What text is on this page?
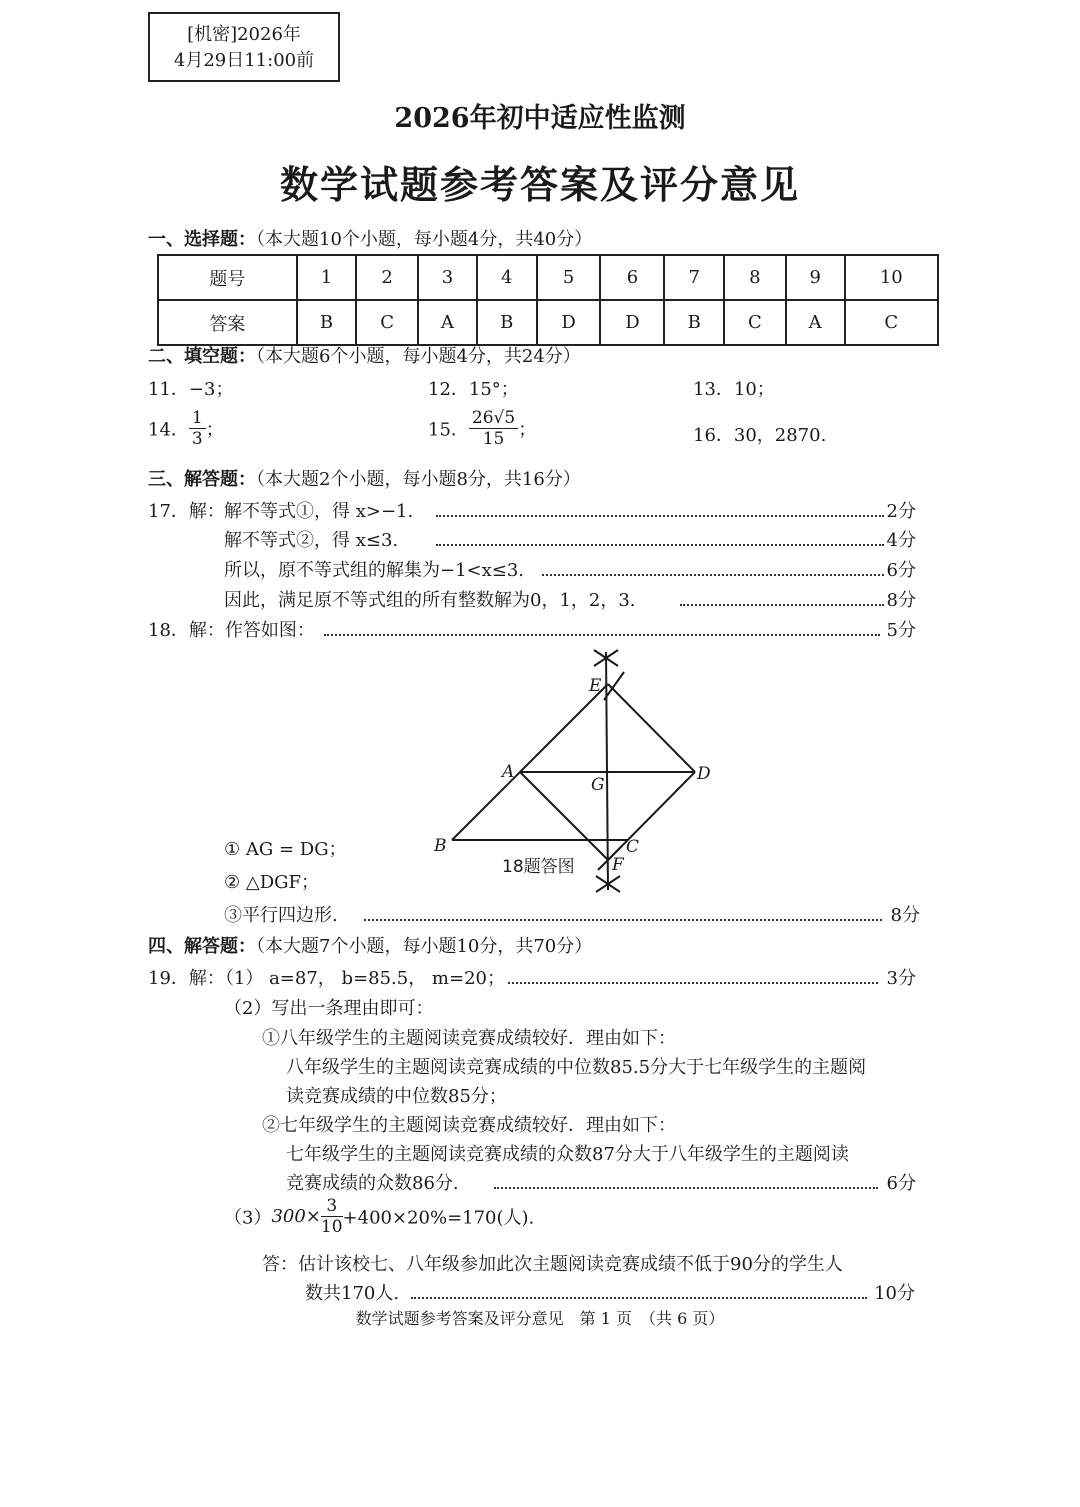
[机密]2026年
4月29日11:00前
2026年初中适应性监测
数学试题参考答案及评分意见
一、选择题：（本大题10个小题，每小题4分，共40分）
题号	1	2	3	4	5	6	7	8	9	10
答案	B	C	A	B	D	D	B	C	A	C
二、填空题：（本大题6个小题，每小题4分，共24分）
11．−3；	12．15°；	13．10；
14． $\frac{1}{3}$ ；	15． $\frac{26√5}{15}$ ；	16．30，2870.
三、解答题：（本大题2个小题，每小题8分，共16分）
17．解： 解不等式①，得 x>−1.	2分
解不等式②，得 x≤3.	4分
所以，原不等式组的解集为−1<x≤3.	6分
因此，满足原不等式组的所有整数解为0，1，2，3.	8分
18．解：作答如图：	5分
E
A
G
D
B	C
F
18题答图
① AG = DG；
② △DGF；
③平行四边形.	8分
四、解答题：（本大题7个小题，每小题10分，共70分）
19．解：（1） a=87， b=85.5， m=20；	3分
（2）写出一条理由即可：
①八年级学生的主题阅读竞赛成绩较好．理由如下：
八年级学生的主题阅读竞赛成绩的中位数85.5分大于七年级学生的主题阅
读竞赛成绩的中位数85分；
②七年级学生的主题阅读竞赛成绩较好．理由如下：
七年级学生的主题阅读竞赛成绩的众数87分大于八年级学生的主题阅读
竞赛成绩的众数86分.	6分
$(3)300\times \frac{3}{10} +400\times 20\%=170$(人).
答：估计该校七、八年级参加此次主题阅读竞赛成绩不低于90分的学生人
数共170人.	10分
数学试题参考答案及评分意见　第 1 页　（共 6 页）
